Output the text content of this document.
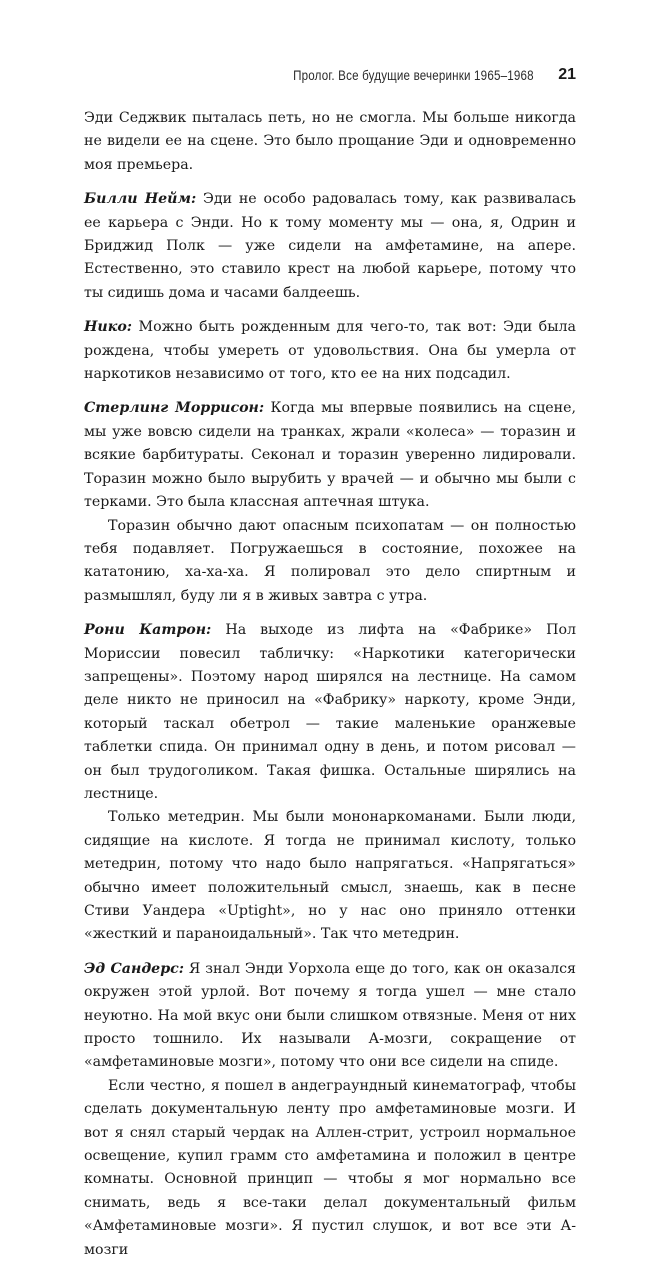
Пролог. Все будущие вечеринки 1965–1968 21

Эди Седжвик пыталась петь, но не смогла. Мы больше никогда не видели ее на сцене. Это было прощание Эди и одновременно моя премьера.

Билли Нейм: Эди не особо радовалась тому, как развивалась ее карьера с Энди. Но к тому моменту мы — она, я, Одрин и Бриджид Полк — уже сидели на амфетамине, на апере. Естественно, это ставило крест на любой карьере, потому что ты сидишь дома и часами балдеешь.

Нико: Можно быть рожденным для чего-то, так вот: Эди была рождена, чтобы умереть от удовольствия. Она бы умерла от наркотиков независимо от того, кто ее на них подсадил.

Стерлинг Моррисон: Когда мы впервые появились на сцене, мы уже вовсю сидели на транках, жрали «колеса» — торазин и всякие барбитураты. Секонал и торазин уверенно лидировали. Торазин можно было вырубить у врачей — и обычно мы были с терками. Это была классная аптечная штука.

Торазин обычно дают опасным психопатам — он полностью тебя подавляет. Погружаешься в состояние, похожее на кататонию, ха-ха-ха. Я полировал это дело спиртным и размышлял, буду ли я в живых завтра с утра.

Рони Катрон: На выходе из лифта на «Фабрике» Пол Мориссии повесил табличку: «Наркотики категорически запрещены». Поэтому народ ширялся на лестнице. На самом деле никто не приносил на «Фабрику» наркоту, кроме Энди, который таскал обетрол — такие маленькие оранжевые таблетки спида. Он принимал одну в день, и потом рисовал — он был трудоголиком. Такая фишка. Остальные ширялись на лестнице.

Только метедрин. Мы были мононаркоманами. Были люди, сидящие на кислоте. Я тогда не принимал кислоту, только метедрин, потому что надо было напрягаться. «Напрягаться» обычно имеет положительный смысл, знаешь, как в песне Стиви Уандера «Uptight», но у нас оно приняло оттенки «жесткий и параноидальный». Так что метедрин.

Эд Сандерс: Я знал Энди Уорхола еще до того, как он оказался окружен этой урлой. Вот почему я тогда ушел — мне стало неуютно. На мой вкус они были слишком отвязные. Меня от них просто тошнило. Их называли А-мозги, сокращение от «амфетаминовые мозги», потому что они все сидели на спиде.

Если честно, я пошел в андеграундный кинематограф, чтобы сделать документальную ленту про амфетаминовые мозги. И вот я снял старый чердак на Аллен-стрит, устроил нормальное освещение, купил грамм сто амфетамина и положил в центре комнаты. Основной принцип — чтобы я мог нормально все снимать, ведь я все-таки делал документальный фильм «Амфетаминовые мозги». Я пустил слушок, и вот все эти А-мозги
